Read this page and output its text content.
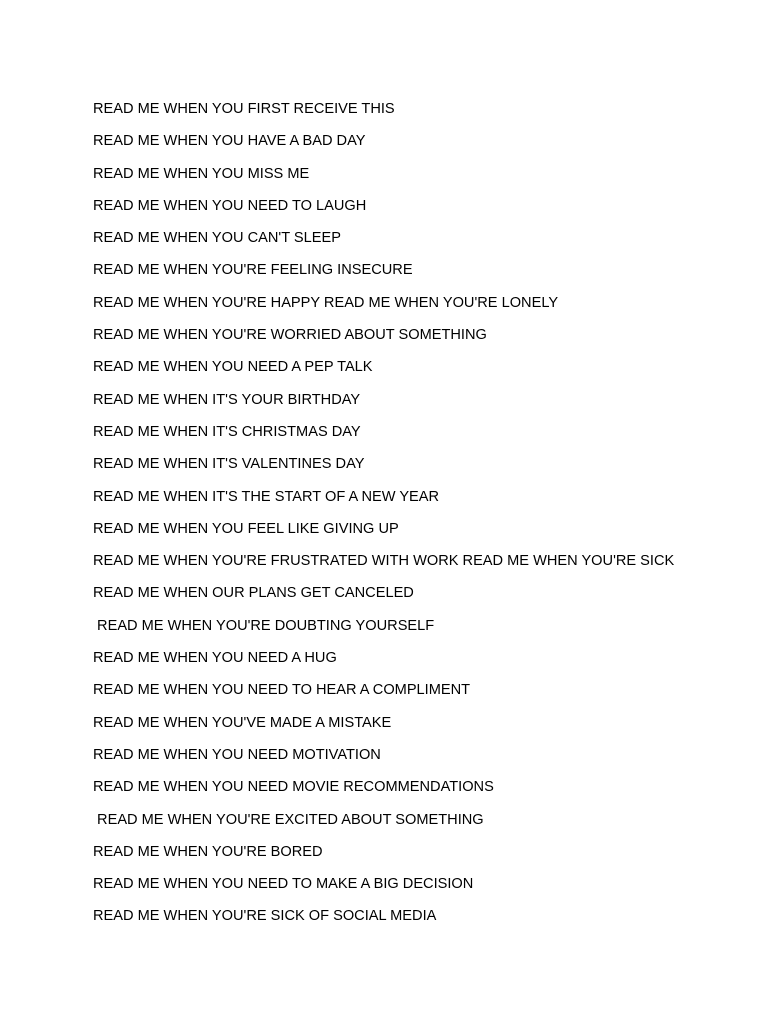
READ ME WHEN YOU FIRST RECEIVE THIS
READ ME WHEN YOU HAVE A BAD DAY
READ ME WHEN YOU MISS ME
READ ME WHEN YOU NEED TO LAUGH
READ ME WHEN YOU CAN'T SLEEP
READ ME WHEN YOU'RE FEELING INSECURE
READ ME WHEN YOU'RE HAPPY READ ME WHEN YOU'RE LONELY
READ ME WHEN YOU'RE WORRIED ABOUT SOMETHING
READ ME WHEN YOU NEED A PEP TALK
READ ME WHEN IT'S YOUR BIRTHDAY
READ ME WHEN IT'S CHRISTMAS DAY
READ ME WHEN IT'S VALENTINES DAY
READ ME WHEN IT'S THE START OF A NEW YEAR
READ ME WHEN YOU FEEL LIKE GIVING UP
READ ME WHEN YOU'RE FRUSTRATED WITH WORK READ ME WHEN YOU'RE SICK
READ ME WHEN OUR PLANS GET CANCELED
READ ME WHEN YOU'RE DOUBTING YOURSELF
READ ME WHEN YOU NEED A HUG
READ ME WHEN YOU NEED TO HEAR A COMPLIMENT
READ ME WHEN YOU'VE MADE A MISTAKE
READ ME WHEN YOU NEED MOTIVATION
READ ME WHEN YOU NEED MOVIE RECOMMENDATIONS
READ ME WHEN YOU'RE EXCITED ABOUT SOMETHING
READ ME WHEN YOU'RE BORED
READ ME WHEN YOU NEED TO MAKE A BIG DECISION
READ ME WHEN YOU'RE SICK OF SOCIAL MEDIA
